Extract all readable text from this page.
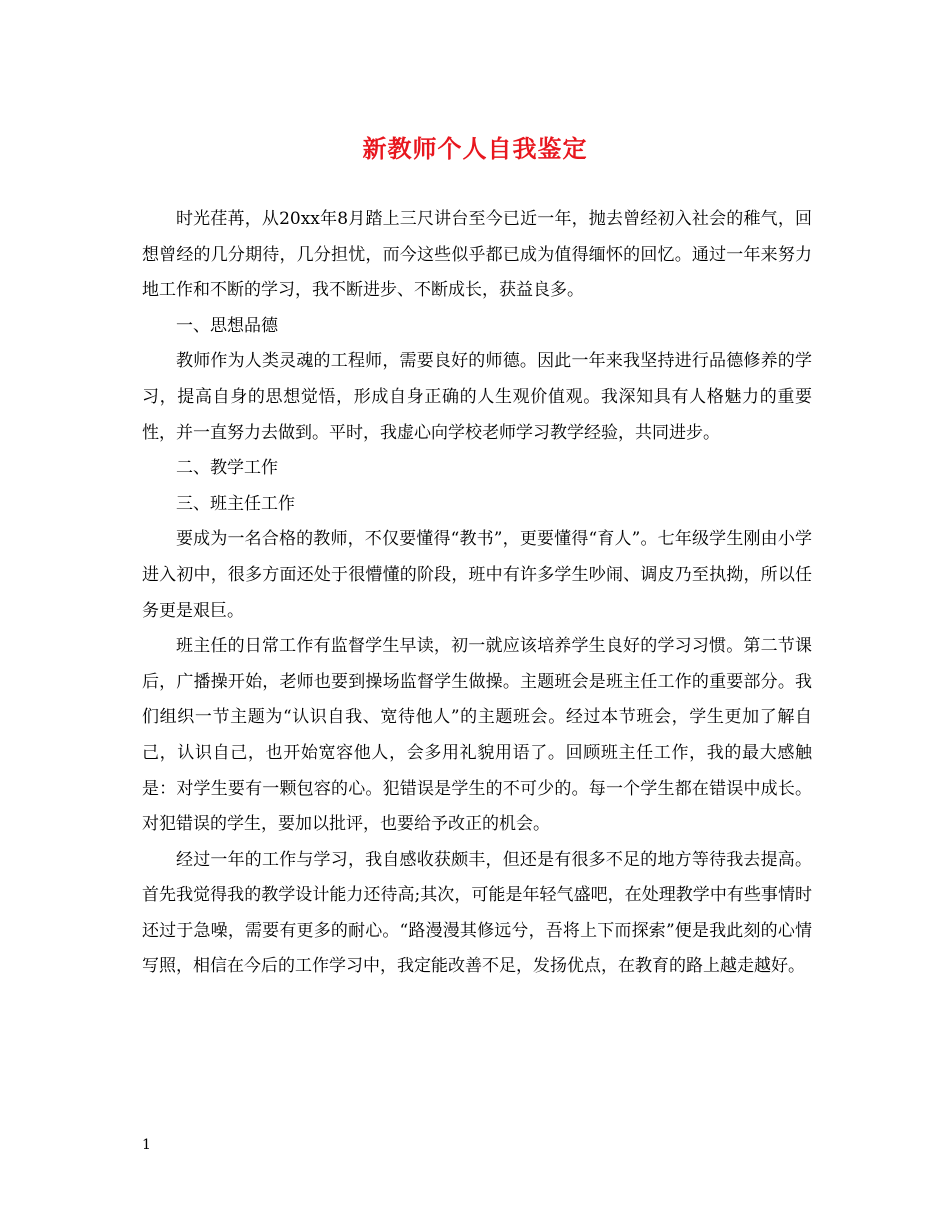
新教师个人自我鉴定

时光荏苒，从20xx年8月踏上三尺讲台至今已近一年，抛去曾经初入社会的稚气，回想曾经的几分期待，几分担忧，而今这些似乎都已成为值得缅怀的回忆。通过一年来努力地工作和不断的学习，我不断进步、不断成长，获益良多。

一、思想品德

教师作为人类灵魂的工程师，需要良好的师德。因此一年来我坚持进行品德修养的学习，提高自身的思想觉悟，形成自身正确的人生观价值观。我深知具有人格魅力的重要性，并一直努力去做到。平时，我虚心向学校老师学习教学经验，共同进步。

二、教学工作

三、班主任工作

要成为一名合格的教师，不仅要懂得“教书”，更要懂得“育人”。七年级学生刚由小学进入初中，很多方面还处于很懵懂的阶段，班中有许多学生吵闹、调皮乃至执拗，所以任务更是艰巨。

班主任的日常工作有监督学生早读，初一就应该培养学生良好的学习习惯。第二节课后，广播操开始，老师也要到操场监督学生做操。主题班会是班主任工作的重要部分。我们组织一节主题为“认识自我、宽待他人”的主题班会。经过本节班会，学生更加了解自己，认识自己，也开始宽容他人，会多用礼貌用语了。回顾班主任工作，我的最大感触是：对学生要有一颗包容的心。犯错误是学生的不可少的。每一个学生都在错误中成长。对犯错误的学生，要加以批评，也要给予改正的机会。

经过一年的工作与学习，我自感收获颇丰，但还是有很多不足的地方等待我去提高。首先我觉得我的教学设计能力还待高;其次，可能是年轻气盛吧，在处理教学中有些事情时还过于急噪，需要有更多的耐心。“路漫漫其修远兮，吾将上下而探索”便是我此刻的心情写照，相信在今后的工作学习中，我定能改善不足，发扬优点，在教育的路上越走越好。

1
